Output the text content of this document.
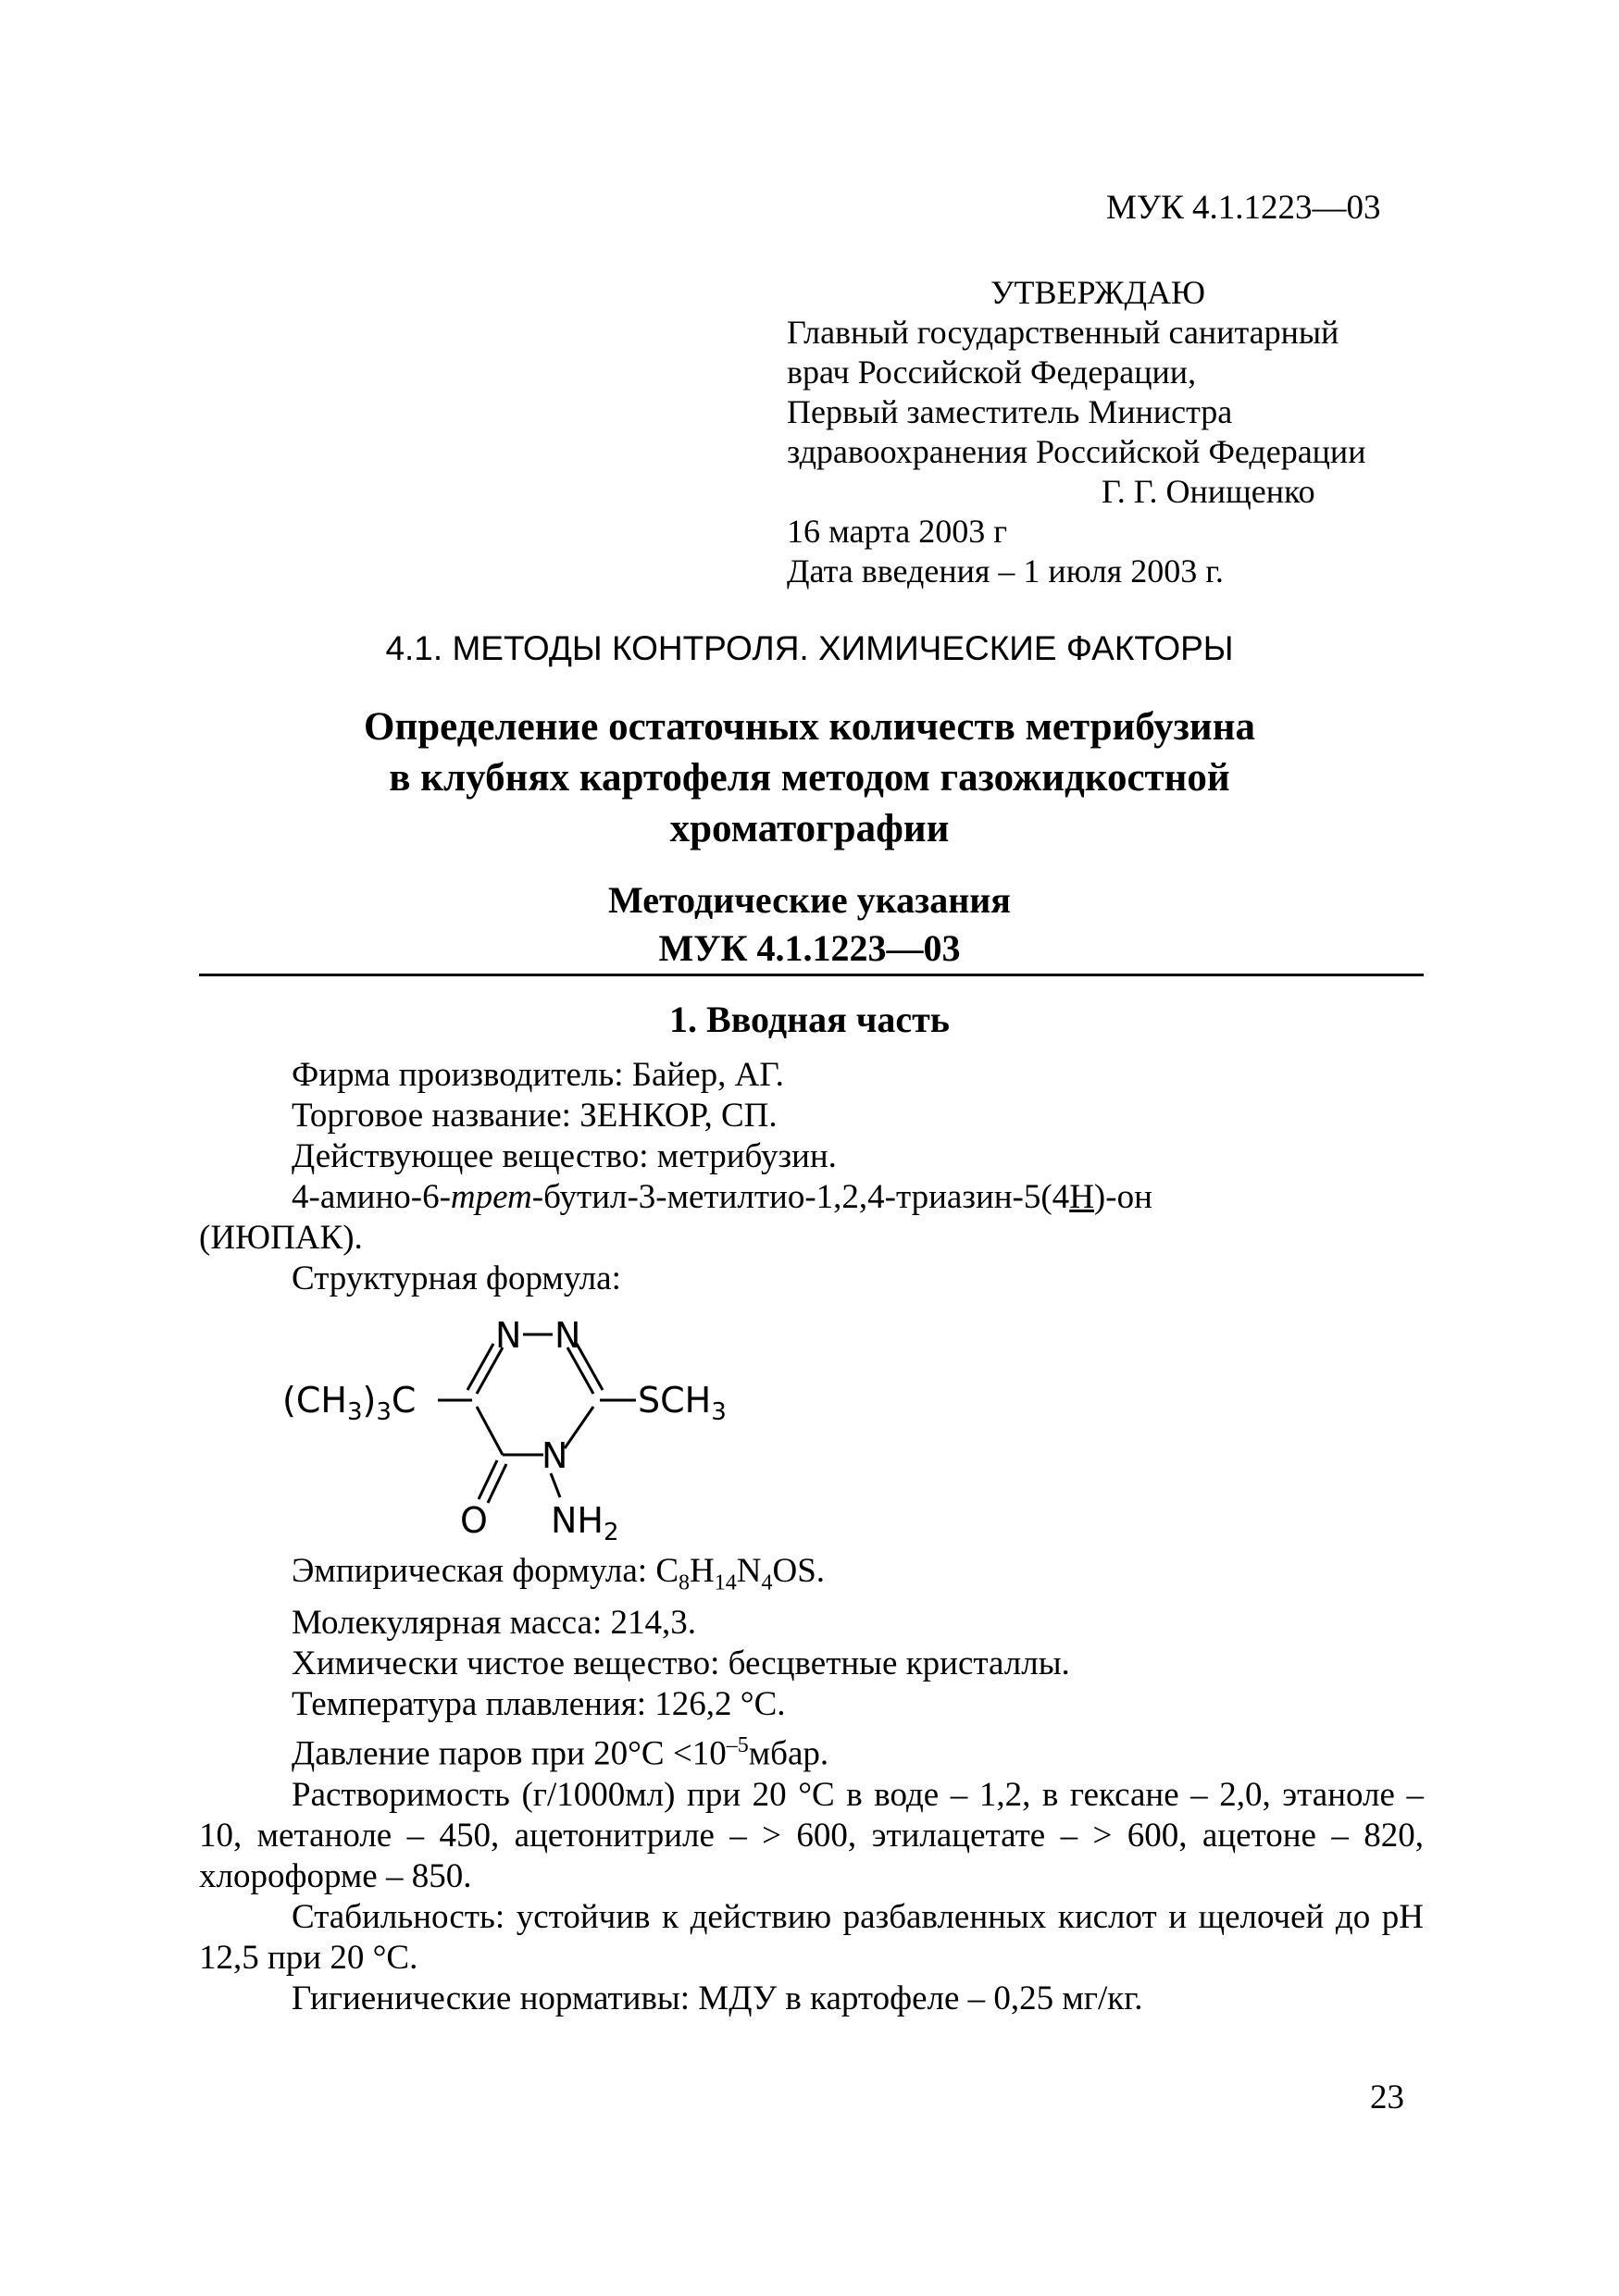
МУК 4.1.1223—03
УТВЕРЖДАЮ
Главный государственный санитарный
врач Российской Федерации,
Первый заместитель Министра
здравоохранения Российской Федерации
Г. Г. Онищенко
16 марта 2003 г
Дата введения – 1 июля 2003 г.
4.1. МЕТОДЫ КОНТРОЛЯ. ХИМИЧЕСКИЕ ФАКТОРЫ
Определение остаточных количеств метрибузина
в клубнях картофеля методом газожидкостной
хроматографии
Методические указания
МУК 4.1.1223—03
1. Вводная часть

Фирма производитель: Байер, АГ.

Торговое название: ЗЕНКОР, СП.

Действующее вещество: метрибузин.

4-амино-6-трет-бутил-3-метилтио-1,2,4-триазин-5(4Н)-он

(ИЮПАК).

Структурная формула:

N N
$(CH_3)_3C$	$SCH_3$
N
O $NH_2$

Эмпирическая формула: $C_8H_{14}N_4OS$.

Молекулярная масса: 214,3.

Химически чистое вещество: бесцветные кристаллы.

Температура плавления: 126,2 °С.

Давление паров при $20^\circ С <10^{-5}мбар$.

Растворимость (г/1000мл) при 20 °С в воде – 1,2, в гексане – 2,0, этаноле – 10, метаноле – 450, ацетонитриле – > 600, этилацетате – > 600, ацетоне – 820, хлороформе – 850.

Стабильность: устойчив к действию разбавленных кислот и щелочей до рН 12,5 при 20 °С.

Гигиенические нормативы: МДУ в картофеле – 0,25 мг/кг.

23
